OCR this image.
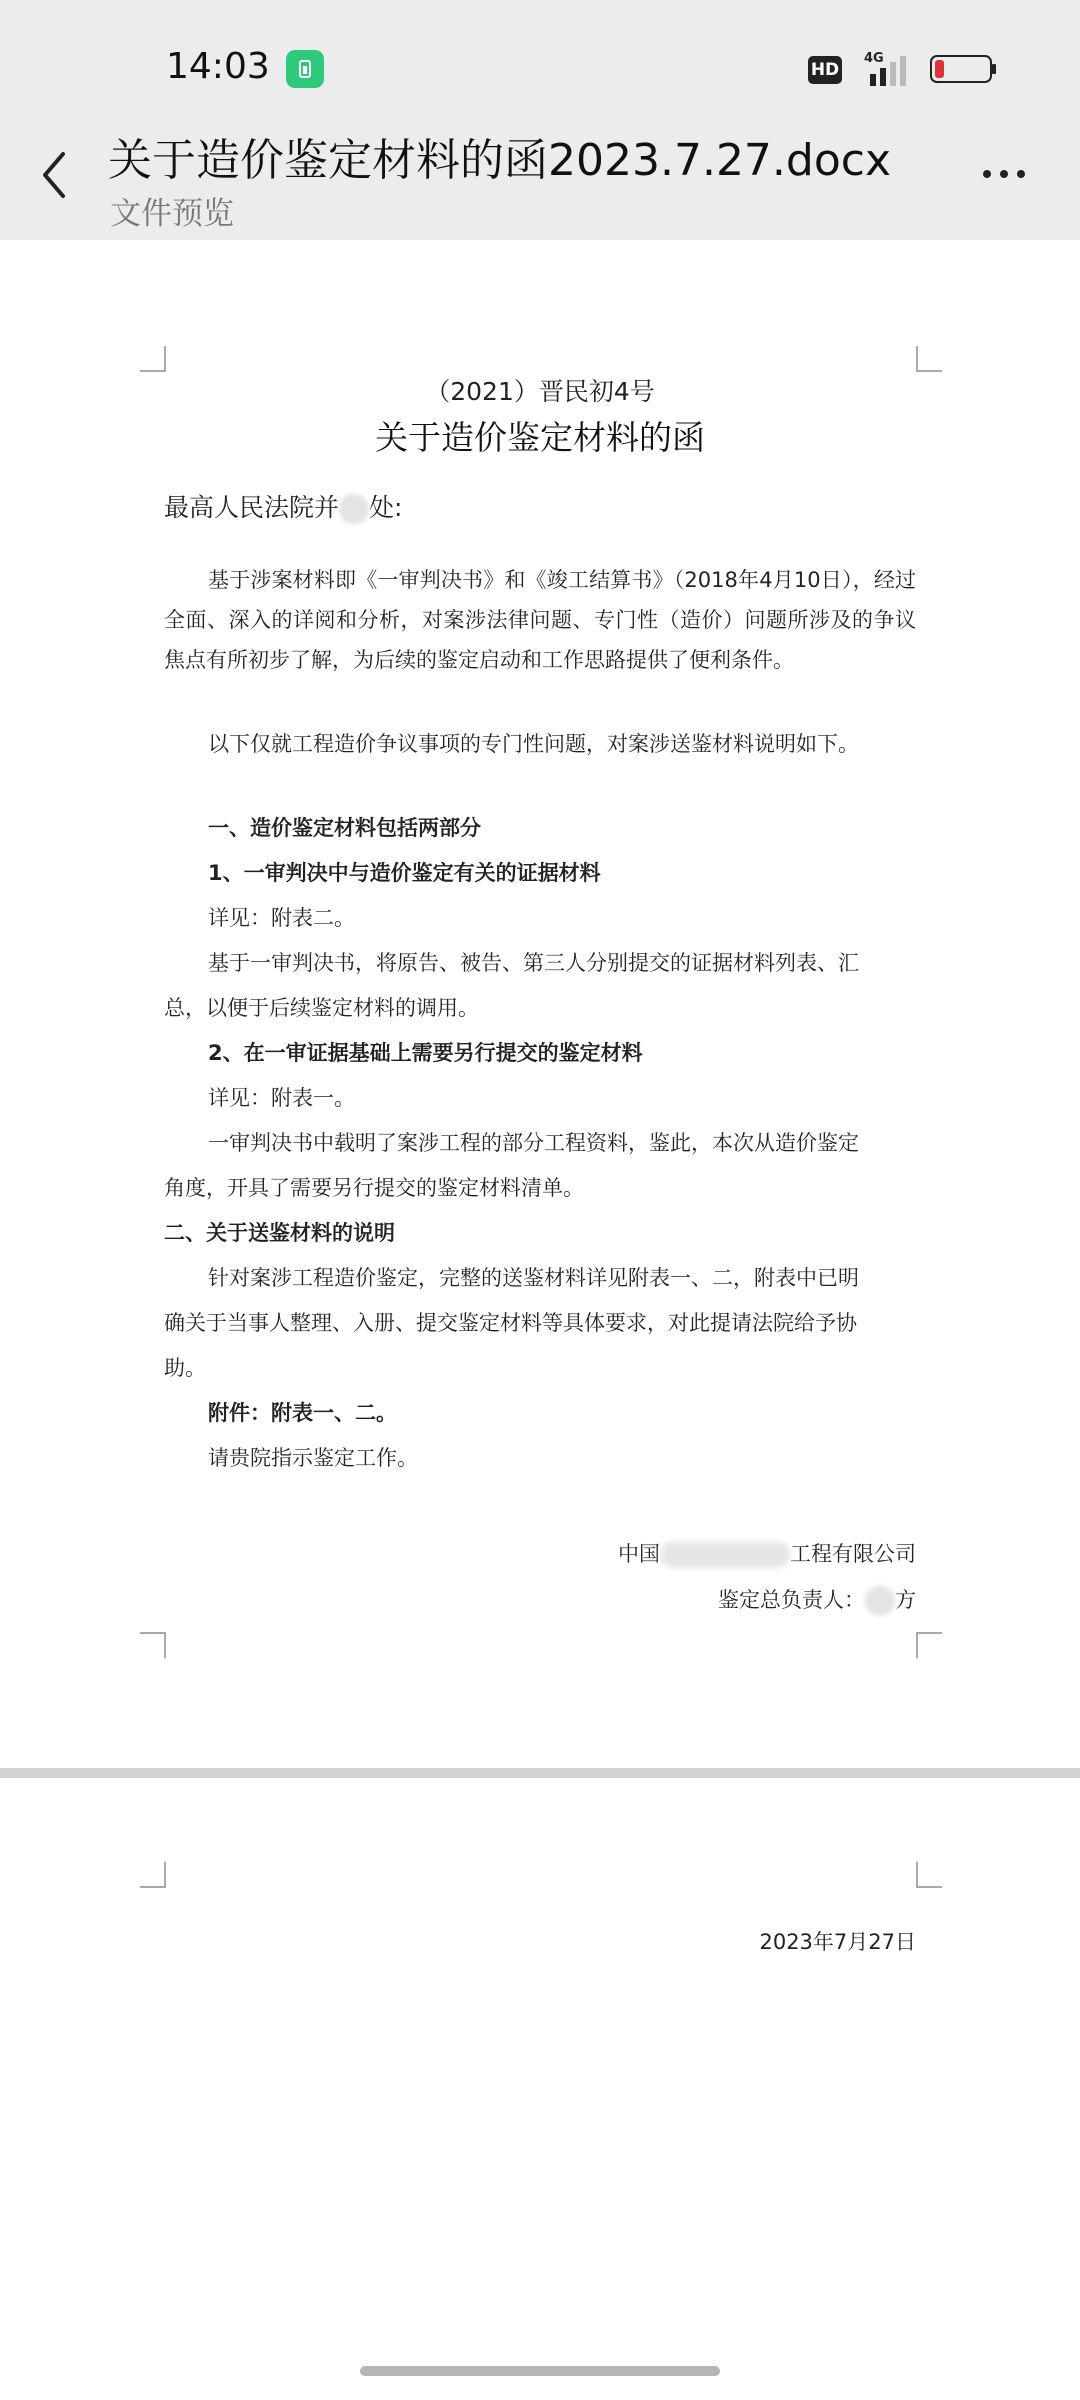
14:03	HD
4G
关于造价鉴定材料的函2023.7.27.docx
文件预览
（2021）晋民初4号
关于造价鉴定材料的函
最高人民法院并 处:
基于涉案材料即《一审判决书》和《竣工结算书》（2018年4月10日），经过全面、深入的详阅和分析，对案涉法律问题、专门性（造价）问题所涉及的争议焦点有所初步了解，为后续的鉴定启动和工作思路提供了便利条件。
以下仅就工程造价争议事项的专门性问题，对案涉送鉴材料说明如下。
一、造价鉴定材料包括两部分
1、一审判决中与造价鉴定有关的证据材料
详见：附表二。
基于一审判决书，将原告、被告、第三人分别提交的证据材料列表、汇
总，以便于后续鉴定材料的调用。
2、在一审证据基础上需要另行提交的鉴定材料
详见：附表一。
一审判决书中载明了案涉工程的部分工程资料，鉴此，本次从造价鉴定
角度，开具了需要另行提交的鉴定材料清单。
二、关于送鉴材料的说明
针对案涉工程造价鉴定，完整的送鉴材料详见附表一、二，附表中已明
确关于当事人整理、入册、提交鉴定材料等具体要求，对此提请法院给予协
助。
附件：附表一、二。
请贵院指示鉴定工作。
中国	工程有限公司
鉴定总负责人： 方
2023年7月27日
